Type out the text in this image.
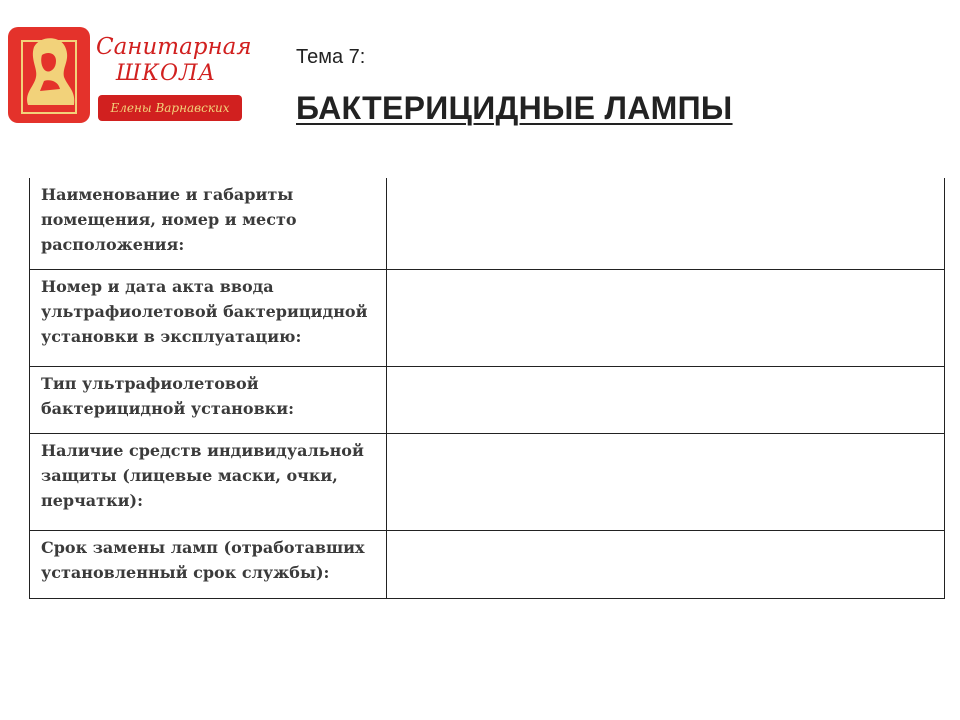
Санитарная
ШКОЛА
Елены Варнавских

Тема 7:

БАКТЕРИЦИДНЫЕ ЛАМПЫ
Наименование и габариты помещения, номер и место расположения:	
Номер и дата акта ввода ультрафиолетовой бактерицидной установки в эксплуатацию:	
Тип ультрафиолетовой бактерицидной установки:	
Наличие средств индивидуальной защиты (лицевые маски, очки, перчатки):	
Срок замены ламп (отработавших установленный срок службы):	
